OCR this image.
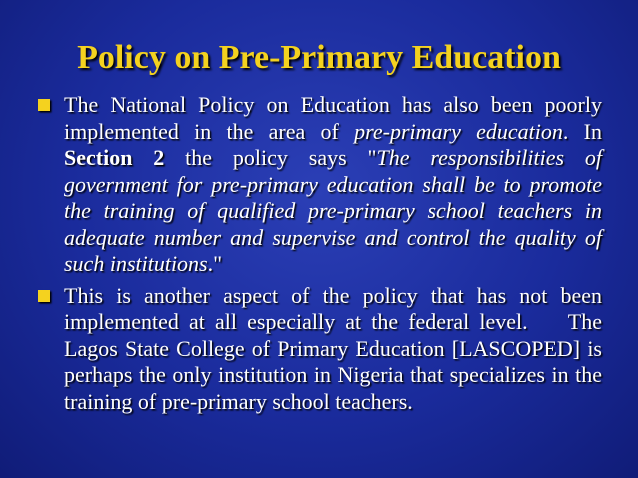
Policy on Pre-Primary Education
The National Policy on Education has also been poorly implemented in the area of pre-primary education. In Section 2 the policy says "The responsibilities of government for pre-primary education shall be to promote the training of qualified pre-primary school teachers in adequate number and supervise and control the quality of such institutions."
This is another aspect of the policy that has not been implemented at all especially at the federal level.    The Lagos State College of Primary Education [LASCOPED] is perhaps the only institution in Nigeria that specializes in the training of pre-primary school teachers.
